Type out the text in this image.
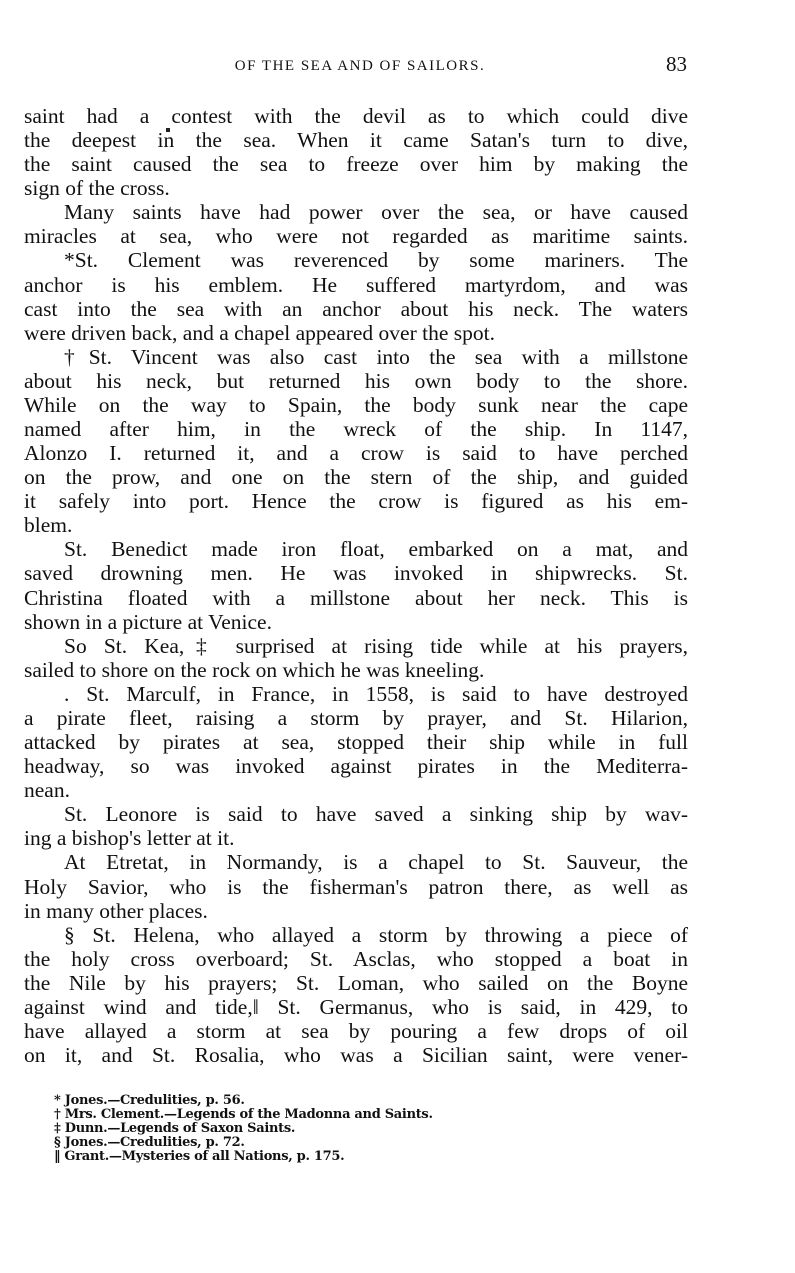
OF THE SEA AND OF SAILORS.	83
saint had a contest with the devil as to which could dive
the deepest in the sea. When it came Satan's turn to dive,
the saint caused the sea to freeze over him by making the
sign of the cross.
Many saints have had power over the sea, or have caused
miracles at sea, who were not regarded as maritime saints.
*St. Clement was reverenced by some mariners. The
anchor is his emblem. He suffered martyrdom, and was
cast into the sea with an anchor about his neck. The waters
were driven back, and a chapel appeared over the spot.
†St. Vincent was also cast into the sea with a millstone
about his neck, but returned his own body to the shore.
While on the way to Spain, the body sunk near the cape
named after him, in the wreck of the ship. In 1147,
Alonzo I. returned it, and a crow is said to have perched
on the prow, and one on the stern of the ship, and guided
it safely into port. Hence the crow is figured as his em-
blem.
St. Benedict made iron float, embarked on a mat, and
saved drowning men. He was invoked in shipwrecks. St.
Christina floated with a millstone about her neck. This is
shown in a picture at Venice.
So St. Kea,‡ surprised at rising tide while at his prayers,
sailed to shore on the rock on which he was kneeling.
. St. Marculf, in France, in 1558, is said to have destroyed
a pirate fleet, raising a storm by prayer, and St. Hilarion,
attacked by pirates at sea, stopped their ship while in full
headway, so was invoked against pirates in the Mediterra-
nean.
St. Leonore is said to have saved a sinking ship by wav-
ing a bishop's letter at it.
At Etretat, in Normandy, is a chapel to St. Sauveur, the
Holy Savior, who is the fisherman's patron there, as well as
in many other places.
§ St. Helena, who allayed a storm by throwing a piece of
the holy cross overboard; St. Asclas, who stopped a boat in
the Nile by his prayers; St. Loman, who sailed on the Boyne
against wind and tide,‖ St. Germanus, who is said, in 429, to
have allayed a storm at sea by pouring a few drops of oil
on it, and St. Rosalia, who was a Sicilian saint, were vener-
* Jones.—Credulities, p. 56.
† Mrs. Clement.—Legends of the Madonna and Saints.
‡ Dunn.—Legends of Saxon Saints.
§ Jones.—Credulities, p. 72.
‖ Grant.—Mysteries of all Nations, p. 175.
